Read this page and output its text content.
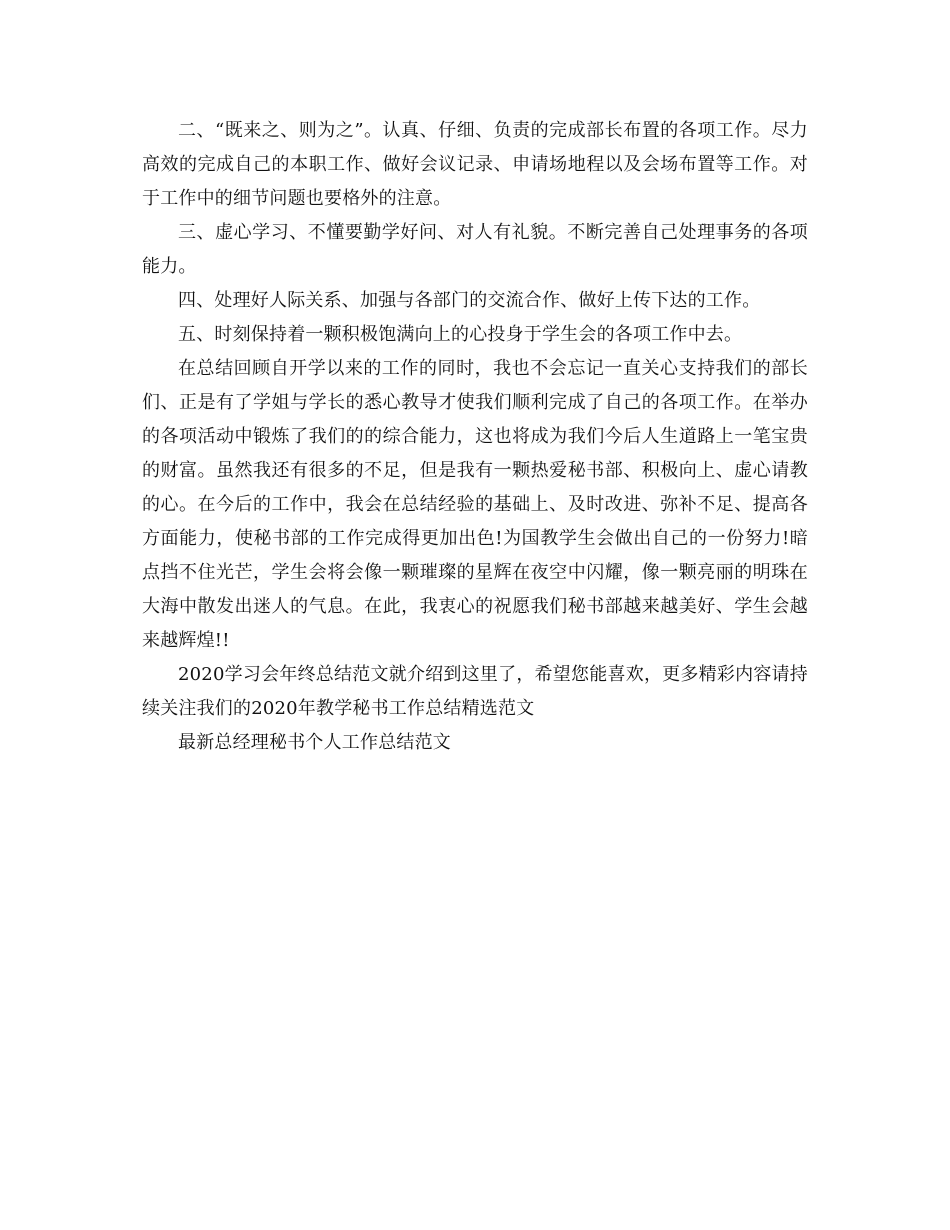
二、“既来之、则为之”。认真、仔细、负责的完成部长布置的各项工作。尽力高效的完成自己的本职工作、做好会议记录、申请场地程以及会场布置等工作。对于工作中的细节问题也要格外的注意。

三、虚心学习、不懂要勤学好问、对人有礼貌。不断完善自己处理事务的各项能力。

四、处理好人际关系、加强与各部门的交流合作、做好上传下达的工作。

五、时刻保持着一颗积极饱满向上的心投身于学生会的各项工作中去。

在总结回顾自开学以来的工作的同时，我也不会忘记一直关心支持我们的部长们、正是有了学姐与学长的悉心教导才使我们顺利完成了自己的各项工作。在举办的各项活动中锻炼了我们的的综合能力，这也将成为我们今后人生道路上一笔宝贵的财富。虽然我还有很多的不足，但是我有一颗热爱秘书部、积极向上、虚心请教的心。在今后的工作中，我会在总结经验的基础上、及时改进、弥补不足、提高各方面能力，使秘书部的工作完成得更加出色!为国教学生会做出自己的一份努力!暗点挡不住光芒，学生会将会像一颗璀璨的星辉在夜空中闪耀，像一颗亮丽的明珠在大海中散发出迷人的气息。在此，我衷心的祝愿我们秘书部越来越美好、学生会越来越辉煌!!

2020学习会年终总结范文就介绍到这里了，希望您能喜欢，更多精彩内容请持续关注我们的2020年教学秘书工作总结精选范文

最新总经理秘书个人工作总结范文
